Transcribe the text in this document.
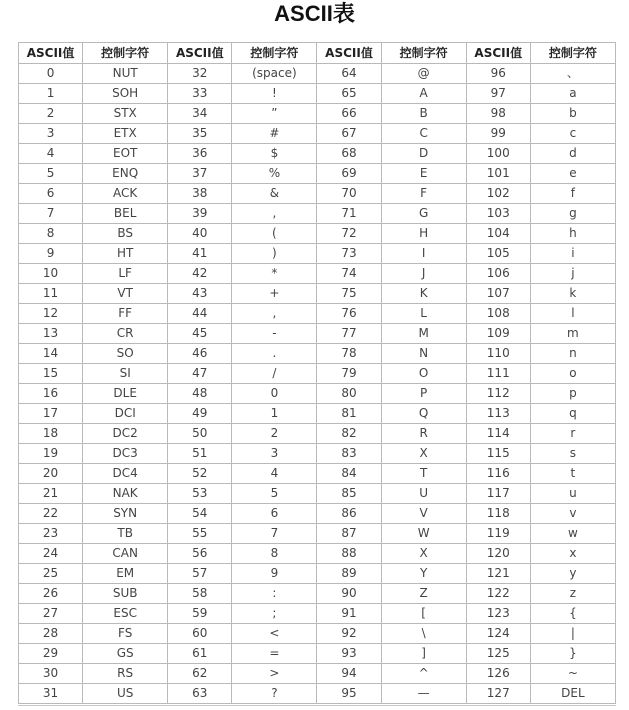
ASCII表
ASCII值	控制字符	ASCII值	控制字符	ASCII值	控制字符	ASCII值	控制字符
0	NUT	32	(space)	64	@	96	、
1	SOH	33	!	65	A	97	a
2	STX	34	”	66	B	98	b
3	ETX	35	#	67	C	99	c
4	EOT	36	$	68	D	100	d
5	ENQ	37	%	69	E	101	e
6	ACK	38	&	70	F	102	f
7	BEL	39	,	71	G	103	g
8	BS	40	(	72	H	104	h
9	HT	41	)	73	I	105	i
10	LF	42	*	74	J	106	j
11	VT	43	+	75	K	107	k
12	FF	44	,	76	L	108	l
13	CR	45	-	77	M	109	m
14	SO	46	.	78	N	110	n
15	SI	47	/	79	O	111	o
16	DLE	48	0	80	P	112	p
17	DCI	49	1	81	Q	113	q
18	DC2	50	2	82	R	114	r
19	DC3	51	3	83	X	115	s
20	DC4	52	4	84	T	116	t
21	NAK	53	5	85	U	117	u
22	SYN	54	6	86	V	118	v
23	TB	55	7	87	W	119	w
24	CAN	56	8	88	X	120	x
25	EM	57	9	89	Y	121	y
26	SUB	58	:	90	Z	122	z
27	ESC	59	;	91	[	123	{
28	FS	60	<	92	\	124	|
29	GS	61	=	93	]	125	}
30	RS	62	>	94	^	126	~
31	US	63	?	95	—	127	DEL
